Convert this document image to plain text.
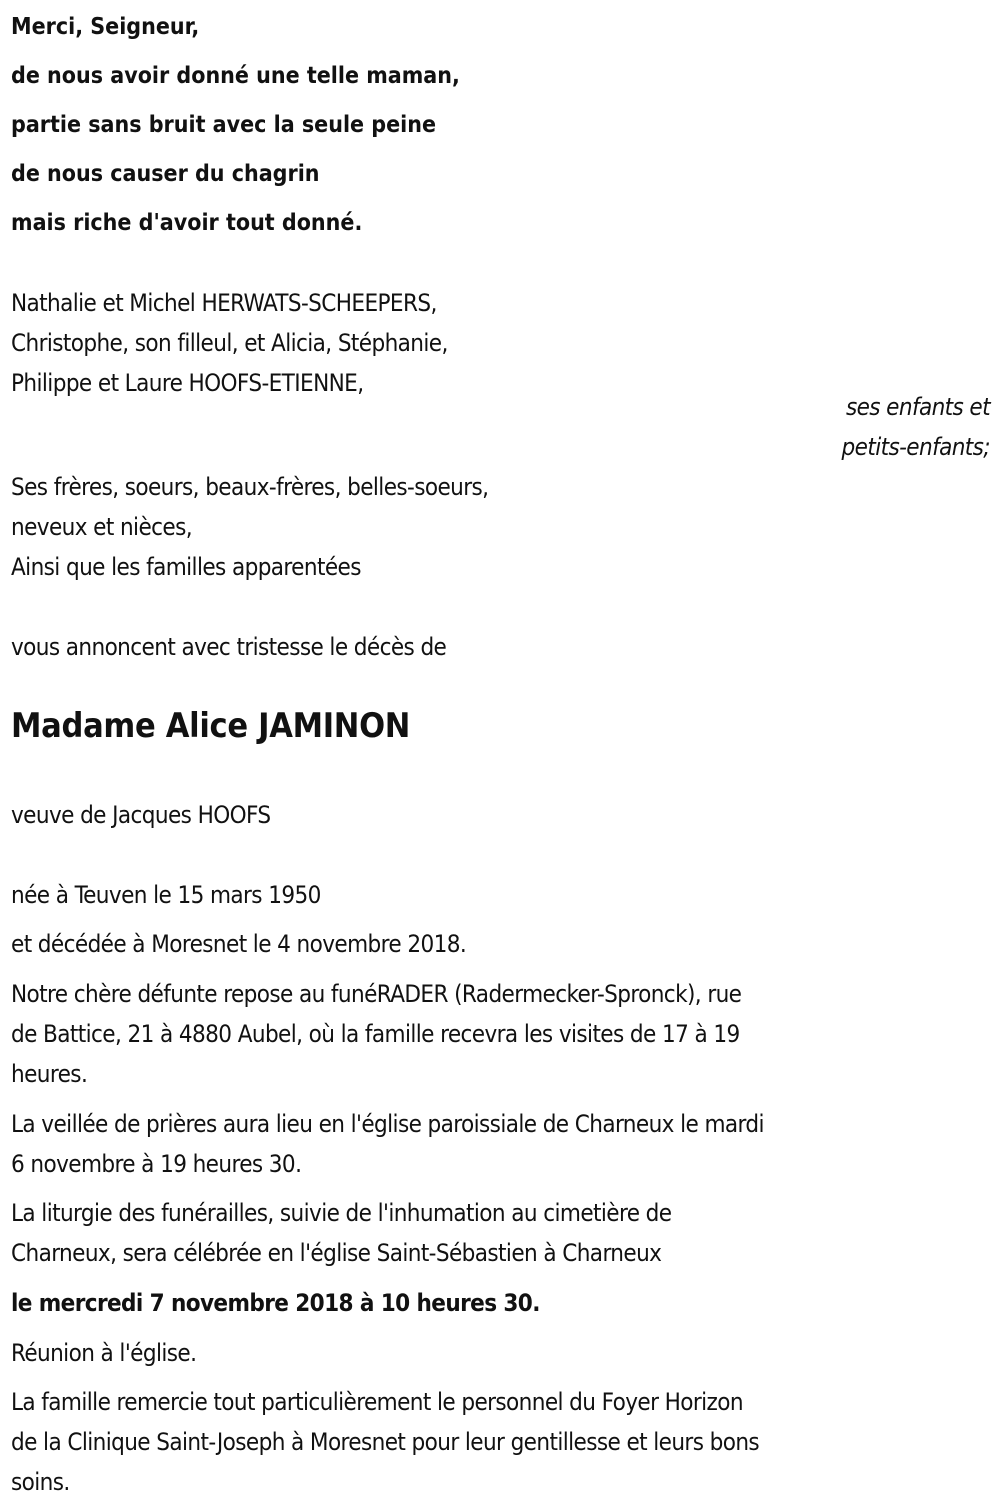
Merci, Seigneur,
de nous avoir donné une telle maman,
partie sans bruit avec la seule peine
de nous causer du chagrin
mais riche d'avoir tout donné.
Nathalie et Michel HERWATS-SCHEEPERS,
Christophe, son filleul, et Alicia, Stéphanie,
Philippe et Laure HOOFS-ETIENNE,
ses enfants et
petits-enfants;
Ses frères, soeurs, beaux-frères, belles-soeurs,
neveux et nièces,
Ainsi que les familles apparentées
vous annoncent avec tristesse le décès de
Madame Alice JAMINON
veuve de Jacques HOOFS
née à Teuven le 15 mars 1950
et décédée à Moresnet le 4 novembre 2018.
Notre chère défunte repose au funéRADER (Radermecker-Spronck), rue
de Battice, 21 à 4880 Aubel, où la famille recevra les visites de 17 à 19
heures.
La veillée de prières aura lieu en l'église paroissiale de Charneux le mardi
6 novembre à 19 heures 30.
La liturgie des funérailles, suivie de l'inhumation au cimetière de
Charneux, sera célébrée en l'église Saint-Sébastien à Charneux
le mercredi 7 novembre 2018 à 10 heures 30.
Réunion à l'église.
La famille remercie tout particulièrement le personnel du Foyer Horizon
de la Clinique Saint-Joseph à Moresnet pour leur gentillesse et leurs bons
soins.
